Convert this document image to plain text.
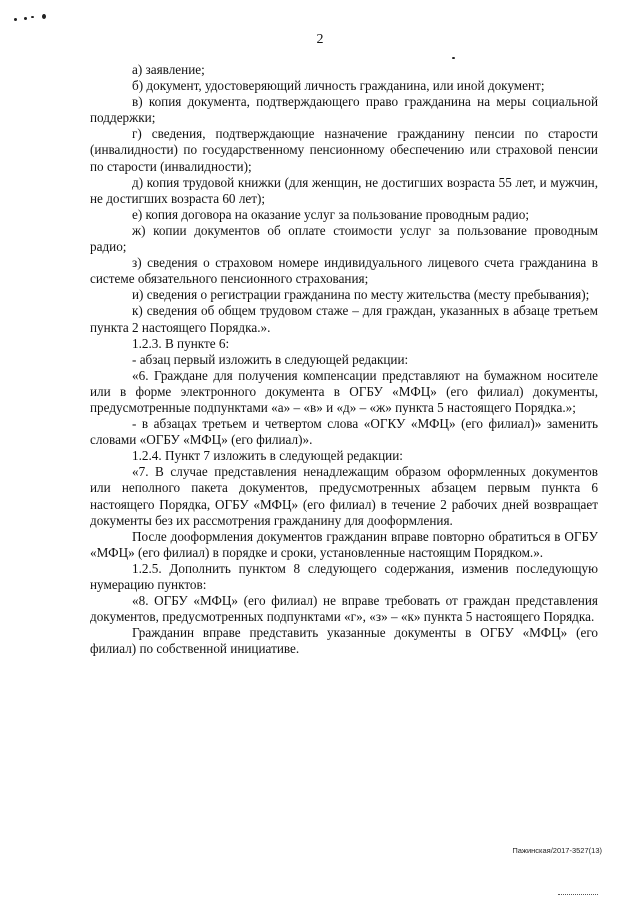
2

а) заявление;

б) документ, удостоверяющий личность гражданина, или иной документ;

в) копия документа, подтверждающего право гражданина на меры социальной поддержки;

г) сведения, подтверждающие назначение гражданину пенсии по старости (инвалидности) по государственному пенсионному обеспечению или страховой пенсии по старости (инвалидности);

д) копия трудовой книжки (для женщин, не достигших возраста 55 лет, и мужчин, не достигших возраста 60 лет);

е) копия договора на оказание услуг за пользование проводным радио;

ж) копии документов об оплате стоимости услуг за пользование проводным радио;

з) сведения о страховом номере индивидуального лицевого счета гражданина в системе обязательного пенсионного страхования;

и) сведения о регистрации гражданина по месту жительства (месту пребывания);

к) сведения об общем трудовом стаже – для граждан, указанных в абзаце третьем пункта 2 настоящего Порядка.».

1.2.3. В пункте 6:

- абзац первый изложить в следующей редакции:

«6. Граждане для получения компенсации представляют на бумажном носителе или в форме электронного документа в ОГБУ «МФЦ» (его филиал) документы, предусмотренные подпунктами «а» – «в» и «д» – «ж» пункта 5 настоящего Порядка.»;

- в абзацах третьем и четвертом слова «ОГКУ «МФЦ» (его филиал)» заменить словами «ОГБУ «МФЦ» (его филиал)».

1.2.4. Пункт 7 изложить в следующей редакции:

«7. В случае представления ненадлежащим образом оформленных документов или неполного пакета документов, предусмотренных абзацем первым пункта 6 настоящего Порядка, ОГБУ «МФЦ» (его филиал) в течение 2 рабочих дней возвращает документы без их рассмотрения гражданину для дооформления.

После дооформления документов гражданин вправе повторно обратиться в ОГБУ «МФЦ» (его филиал) в порядке и сроки, установленные настоящим Порядком.».

1.2.5. Дополнить пунктом 8 следующего содержания, изменив последующую нумерацию пунктов:

«8. ОГБУ «МФЦ» (его филиал) не вправе требовать от граждан представления документов, предусмотренных подпунктами «г», «з» – «к» пункта 5 настоящего Порядка.

Гражданин вправе представить указанные документы в ОГБУ «МФЦ» (его филиал) по собственной инициативе.

Пажинская/2017-3527(13)
